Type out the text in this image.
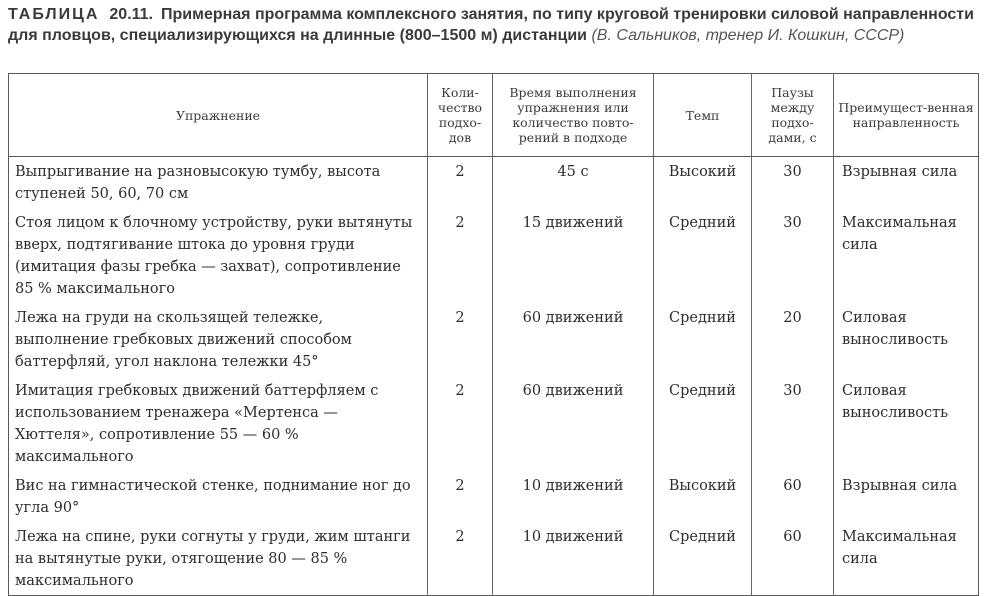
ТАБЛИЦА 20.11. Примерная программа комплексного занятия, по типу круговой тренировки силовой направленности для пловцов, специализирующихся на длинные (800–1500 м) дистанции (В. Сальников, тренер И. Кошкин, СССР)
Упражнение	Коли-чество подхо-дов	Время выполнения упражнения или количество повто-рений в подходе	Темп	Паузы между подхо-дами, с	Преимущест-венная направленность
Выпрыгивание на разновысокую тумбу, высота ступеней 50, 60, 70 см	2	45 с	Высокий	30	Взрывная сила
Стоя лицом к блочному устройству, руки вытянуты вверх, подтягивание штока до уровня груди (имитация фазы гребка — захват), сопротивление 85 % максимального	2	15 движений	Средний	30	Максимальная сила
Лежа на груди на скользящей тележке, выполнение гребковых движений способом баттерфляй, угол наклона тележки 45°	2	60 движений	Средний	20	Силовая выносливость
Имитация гребковых движений баттерфляем с использованием тренажера «Мертенса — Хюттеля», сопротивление 55 — 60 % максимального	2	60 движений	Средний	30	Силовая выносливость
Вис на гимнастической стенке, поднимание ног до угла 90°	2	10 движений	Высокий	60	Взрывная сила
Лежа на спине, руки согнуты у груди, жим штанги на вытянутые руки, отягощение 80 — 85 % максимального	2	10 движений	Средний	60	Максимальная сила
